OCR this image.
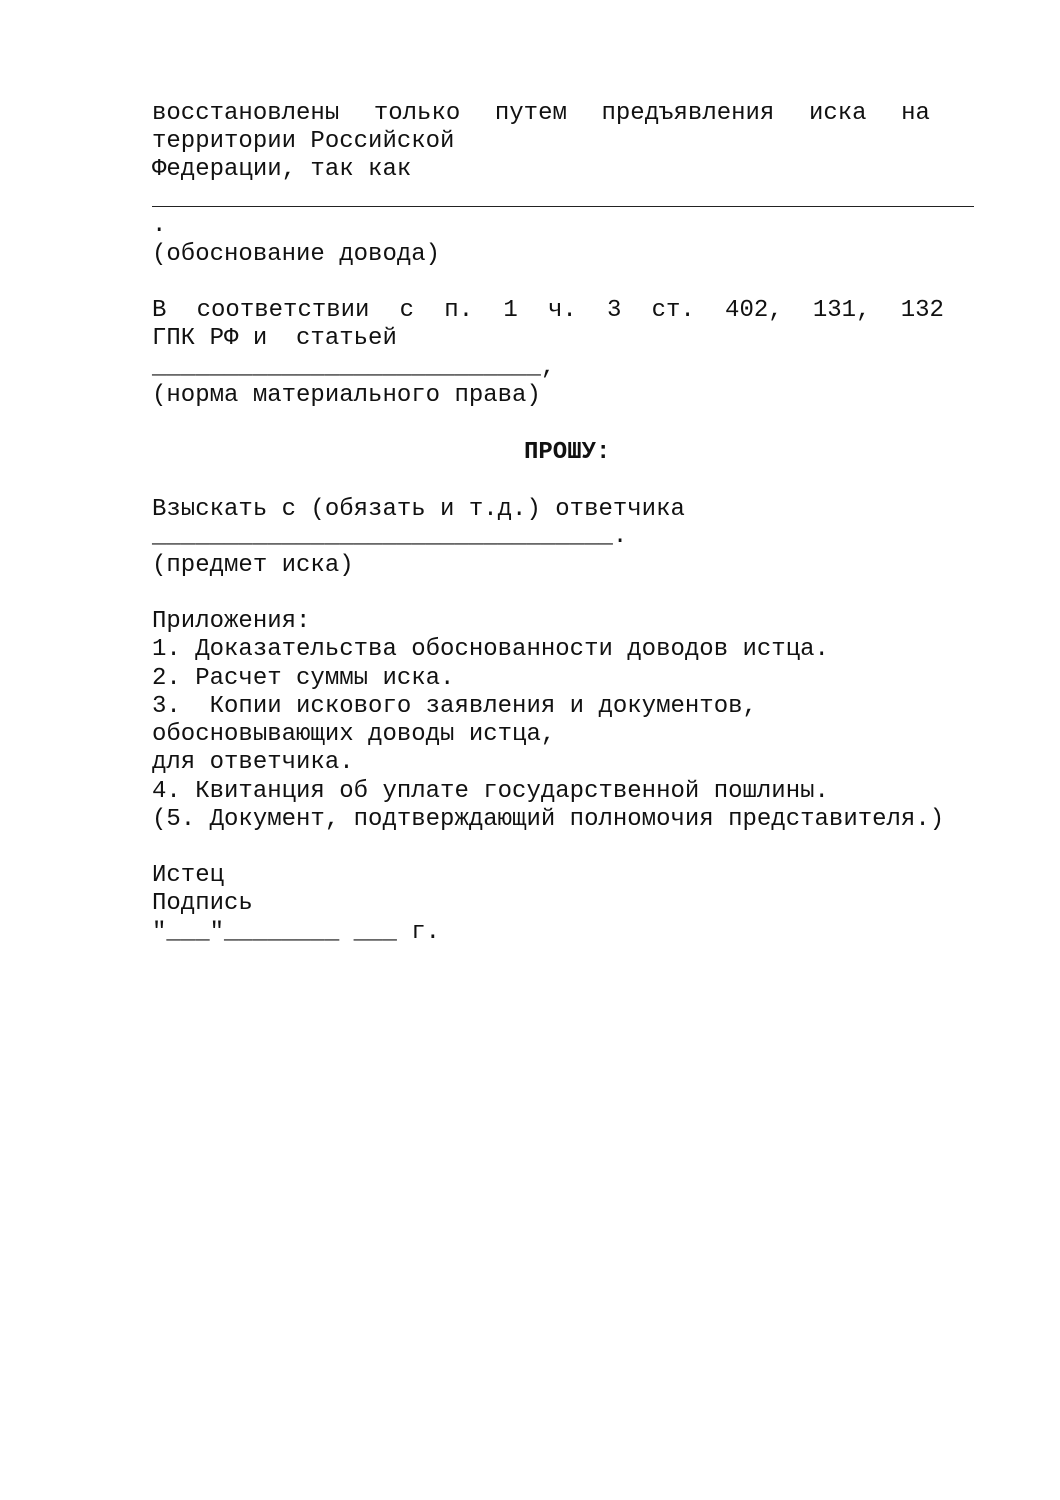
восстановлены только путем предъявления иска на
территории Российской
Федерации, так как
.
(обоснование довода)
В соответствии с п. 1 ч. 3 ст. 402, 131, 132
ГПК РФ и  статьей
___________________________,
(норма материального права)
ПРОШУ:
Взыскать с (обязать и т.д.) ответчика
________________________________.
(предмет иска)
Приложения:
1. Доказательства обоснованности доводов истца.
2. Расчет суммы иска.
3.  Копии искового заявления и документов,
обосновывающих доводы истца,
для ответчика.
4. Квитанция об уплате государственной пошлины.
(5. Документ, подтверждающий полномочия представителя.)
Истец
Подпись
"___"________ ___ г.
